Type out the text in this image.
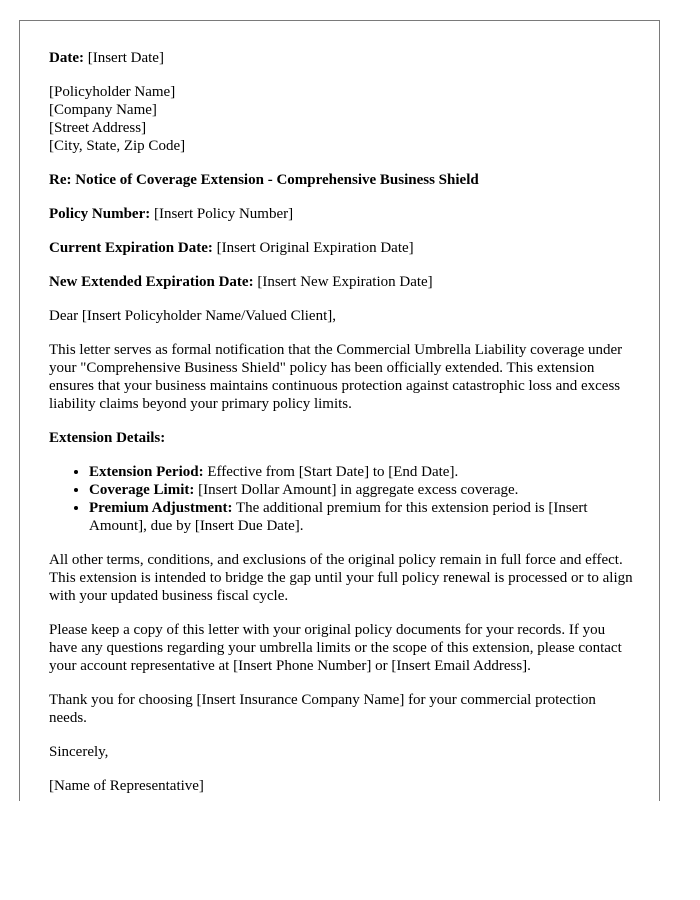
Date: [Insert Date]

[Policyholder Name]
[Company Name]
[Street Address]
[City, State, Zip Code]

Re: Notice of Coverage Extension - Comprehensive Business Shield

Policy Number: [Insert Policy Number]

Current Expiration Date: [Insert Original Expiration Date]

New Extended Expiration Date: [Insert New Expiration Date]

Dear [Insert Policyholder Name/Valued Client],

This letter serves as formal notification that the Commercial Umbrella Liability coverage under your "Comprehensive Business Shield" policy has been officially extended. This extension ensures that your business maintains continuous protection against catastrophic loss and excess liability claims beyond your primary policy limits.

Extension Details:

• Extension Period: Effective from [Start Date] to [End Date].
• Coverage Limit: [Insert Dollar Amount] in aggregate excess coverage.
• Premium Adjustment: The additional premium for this extension period is [Insert Amount], due by [Insert Due Date].

All other terms, conditions, and exclusions of the original policy remain in full force and effect. This extension is intended to bridge the gap until your full policy renewal is processed or to align with your updated business fiscal cycle.

Please keep a copy of this letter with your original policy documents for your records. If you have any questions regarding your umbrella limits or the scope of this extension, please contact your account representative at [Insert Phone Number] or [Insert Email Address].

Thank you for choosing [Insert Insurance Company Name] for your commercial protection needs.

Sincerely,

[Name of Representative]
